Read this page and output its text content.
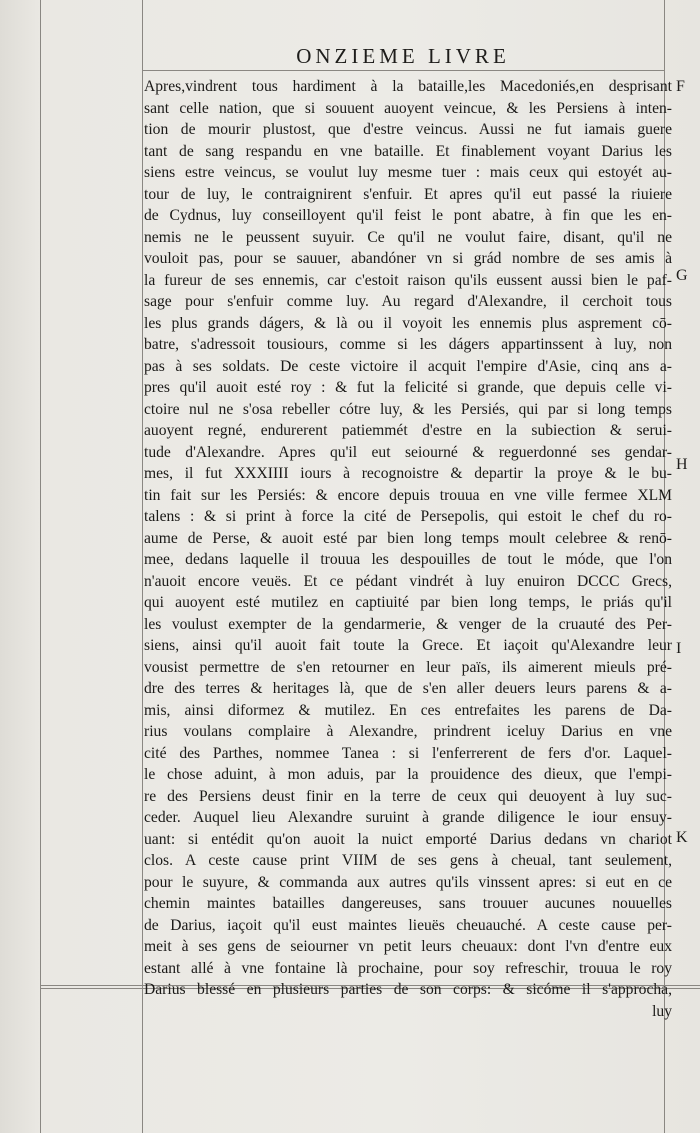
ONZIEME LIVRE
Apres,vindrent tous hardiment à la bataille,les Macedoniés,en desprisant
sant celle nation, que si souuent auoyent veincue, & les Persiens à inten-
tion de mourir plustost, que d'estre veincus. Aussi ne fut iamais guere
tant de sang respandu en vne bataille. Et finablement voyant Darius les
siens estre veincus, se voulut luy mesme tuer : mais ceux qui estoyét au-
tour de luy, le contraignirent s'enfuir. Et apres qu'il eut passé la riuiere
de Cydnus, luy conseilloyent qu'il feist le pont abatre, à fin que les en-
nemis ne le peussent suyuir. Ce qu'il ne voulut faire, disant, qu'il ne
vouloit pas, pour se sauuer, abandóner vn si grád nombre de ses amis à
la fureur de ses ennemis, car c'estoit raison qu'ils eussent aussi bien le paf-
sage pour s'enfuir comme luy. Au regard d'Alexandre, il cerchoit tous
les plus grands dágers, & là ou il voyoit les ennemis plus asprement cō-
batre, s'adressoit tousiours, comme si les dágers appartinssent à luy, non
pas à ses soldats. De ceste victoire il acquit l'empire d'Asie, cinq ans a-
pres qu'il auoit esté roy : & fut la felicité si grande, que depuis celle vi-
ctoire nul ne s'osa rebeller cótre luy, & les Persiés, qui par si long temps
auoyent regné, endurerent patiemmét d'estre en la subiection & serui-
tude d'Alexandre. Apres qu'il eut seiourné & reguerdonné ses gendar-
mes, il fut XXXIIII iours à recognoistre & departir la proye & le bu-
tin fait sur les Persiés: & encore depuis trouua en vne ville fermee XLM
talens : & si print à force la cité de Persepolis, qui estoit le chef du ro-
aume de Perse, & auoit esté par bien long temps moult celebree & renō-
mee, dedans laquelle il trouua les despouilles de tout le móde, que l'on
n'auoit encore veuës. Et ce pédant vindrét à luy enuiron DCCC Grecs,
qui auoyent esté mutilez en captiuité par bien long temps, le priás qu'il
les voulust exempter de la gendarmerie, & venger de la cruauté des Per-
siens, ainsi qu'il auoit fait toute la Grece. Et iaçoit qu'Alexandre leur
vousist permettre de s'en retourner en leur païs, ils aimerent mieuls pré-
dre des terres & heritages là, que de s'en aller deuers leurs parens & a-
mis, ainsi diformez & mutilez. En ces entrefaites les parens de Da-
rius voulans complaire à Alexandre, prindrent iceluy Darius en vne
cité des Parthes, nommee Tanea : si l'enferrerent de fers d'or. Laquel-
le chose aduint, à mon aduis, par la prouidence des dieux, que l'empi-
re des Persiens deust finir en la terre de ceux qui deuoyent à luy suc-
ceder. Auquel lieu Alexandre suruint à grande diligence le iour ensuy-
uant: si entédit qu'on auoit la nuict emporté Darius dedans vn chariot
clos. A ceste cause print VIIM de ses gens à cheual, tant seulement,
pour le suyure, & commanda aux autres qu'ils vinssent apres: si eut en ce
chemin maintes batailles dangereuses, sans trouuer aucunes nouuelles
de Darius, iaçoit qu'il eust maintes lieuës cheuauché. A ceste cause per-
meit à ses gens de seiourner vn petit leurs cheuaux: dont l'vn d'entre eux
estant allé à vne fontaine là prochaine, pour soy refreschir, trouua le roy
Darius blessé en plusieurs parties de son corps: & sicóme il s'approcha,
luy
F
G
H
I
K
